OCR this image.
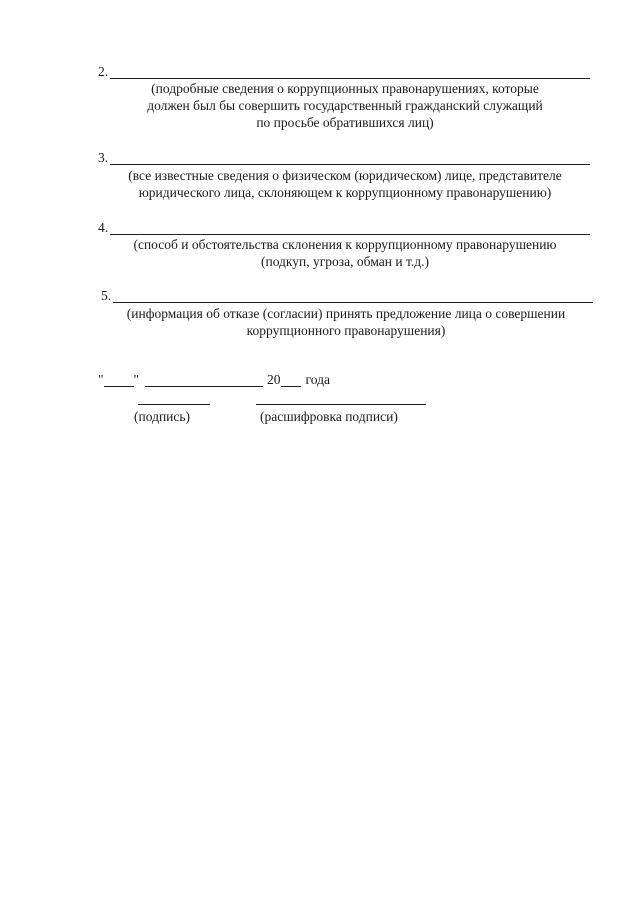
2.
(подробные сведения о коррупционных правонарушениях, которые
должен был бы совершить государственный гражданский служащий
по просьбе обратившихся лиц)
3.
(все известные сведения о физическом (юридическом) лице, представителе
юридического лица, склоняющем к коррупционному правонарушению)
4.
(способ и обстоятельства склонения к коррупционному правонарушению
(подкуп, угроза, обман и т.д.)
5.
(информация об отказе (согласии) принять предложение лица о совершении
коррупционного правонарушения)
" "	20 года
(подпись)	(расшифровка подписи)
